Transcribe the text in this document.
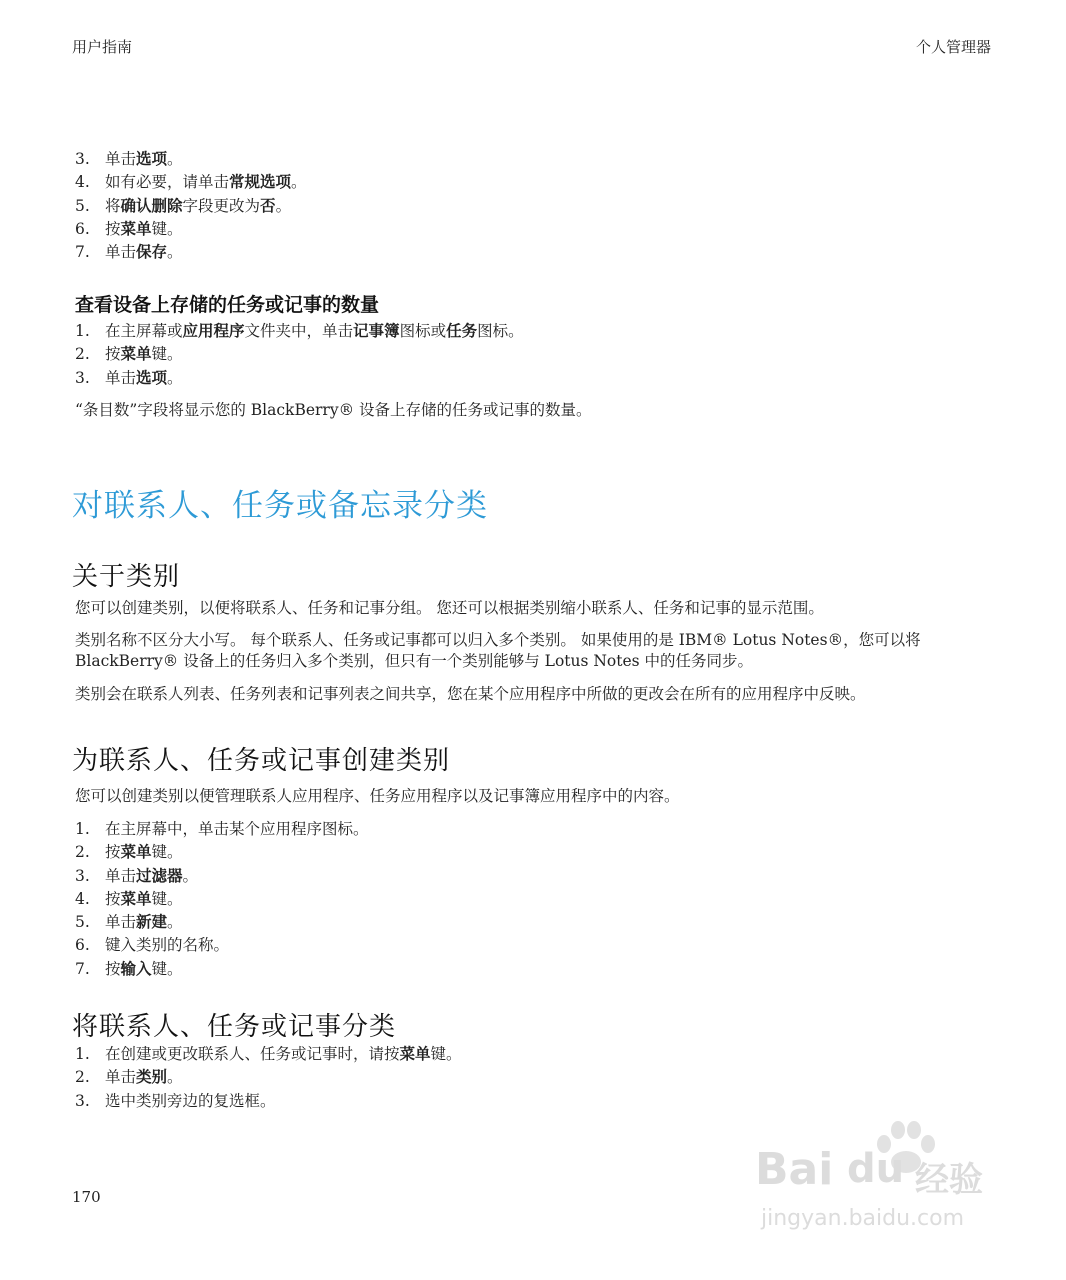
用户指南	个人管理器
3. 单击选项。
4. 如有必要，请单击常规选项。
5. 将确认删除字段更改为否。
6. 按菜单键。
7. 单击保存。
查看设备上存储的任务或记事的数量
1. 在主屏幕或应用程序文件夹中，单击记事簿图标或任务图标。
2. 按菜单键。
3. 单击选项。
“条目数”字段将显示您的 BlackBerry® 设备上存储的任务或记事的数量。
对联系人、任务或备忘录分类
关于类别
您可以创建类别，以便将联系人、任务和记事分组。 您还可以根据类别缩小联系人、任务和记事的显示范围。
类别名称不区分大小写。 每个联系人、任务或记事都可以归入多个类别。 如果使用的是 IBM® Lotus Notes®，您可以将 BlackBerry® 设备上的任务归入多个类别，但只有一个类别能够与 Lotus Notes 中的任务同步。
类别会在联系人列表、任务列表和记事列表之间共享，您在某个应用程序中所做的更改会在所有的应用程序中反映。
为联系人、任务或记事创建类别
您可以创建类别以便管理联系人应用程序、任务应用程序以及记事簿应用程序中的内容。
1. 在主屏幕中，单击某个应用程序图标。
2. 按菜单键。
3. 单击过滤器。
4. 按菜单键。
5. 单击新建。
6. 键入类别的名称。
7. 按输入键。
将联系人、任务或记事分类
1. 在创建或更改联系人、任务或记事时，请按菜单键。
2. 单击类别。
3. 选中类别旁边的复选框。
170
Bai du 经验
jingyan.baidu.com
